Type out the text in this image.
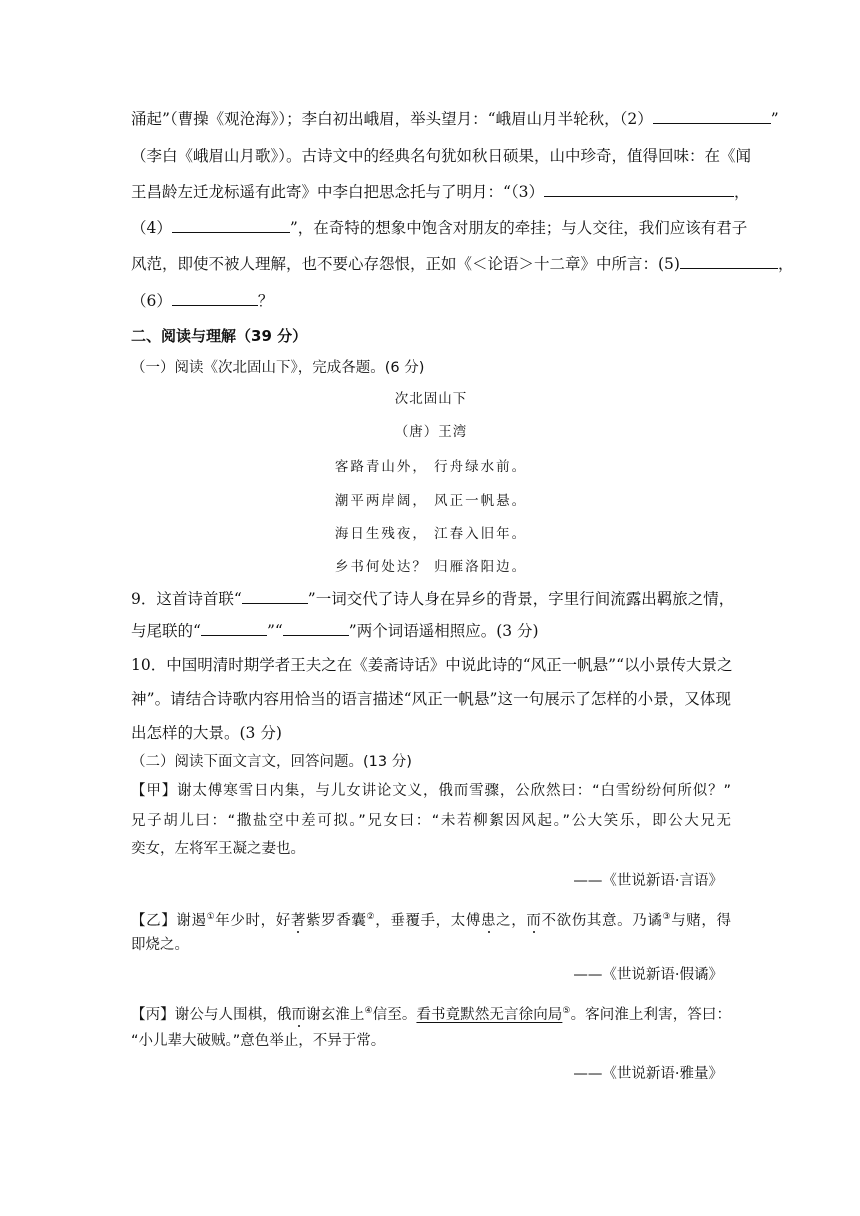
涌起”（曹操《观沧海》）；李白初出峨眉，举头望月：“峨眉山月半轮秋，（2）	”
（李白《峨眉山月歌》）。古诗文中的经典名句犹如秋日硕果，山中珍奇，值得回味：在《闻
王昌龄左迁龙标遥有此寄》中李白把思念托与了明月：“（3）	，
（4）	”，在奇特的想象中饱含对朋友的牵挂；与人交往，我们应该有君子
风范，即使不被人理解，也不要心存怨恨，正如《＜论语＞十二章》中所言：(5)	，
（6）	？
二、阅读与理解（39 分）
（一）阅读《次北固山下》，完成各题。(6 分)
次北固山下
（唐）王湾
客路青山外， 行舟绿水前。
潮平两岸阔， 风正一帆悬。
海日生残夜， 江春入旧年。
乡书何处达？ 归雁洛阳边。
9．这首诗首联“	”一词交代了诗人身在异乡的背景，字里行间流露出羁旅之情，
与尾联的“	”“	”两个词语遥相照应。(3 分)
10．中国明清时期学者王夫之在《姜斋诗话》中说此诗的“风正一帆悬”“以小景传大景之
神”。请结合诗歌内容用恰当的语言描述“风正一帆悬”这一句展示了怎样的小景，又体现
出怎样的大景。(3 分)
（二）阅读下面文言文，回答问题。(13 分)
【甲】谢太傅寒雪日内集，与儿女讲论文义，俄而雪骤，公欣然曰：“白雪纷纷何所似？”
兄子胡儿曰：“撒盐空中差可拟。”兄女曰：“未若柳絮因风起。”公大笑乐，即公大兄无
奕女，左将军王凝之妻也。
——《世说新语·言语》
【乙】谢遏①年少时，好著紫罗香囊②，垂覆手，太傅患之，而不欲伤其意。乃谲③与赌，得
即烧之。
——《世说新语·假谲》
【丙】谢公与人围棋，俄而谢玄淮上④信至。看书竟默然无言徐向局⑤。客问淮上利害，答曰：
“小儿辈大破贼。”意色举止，不异于常。
——《世说新语·雅量》
